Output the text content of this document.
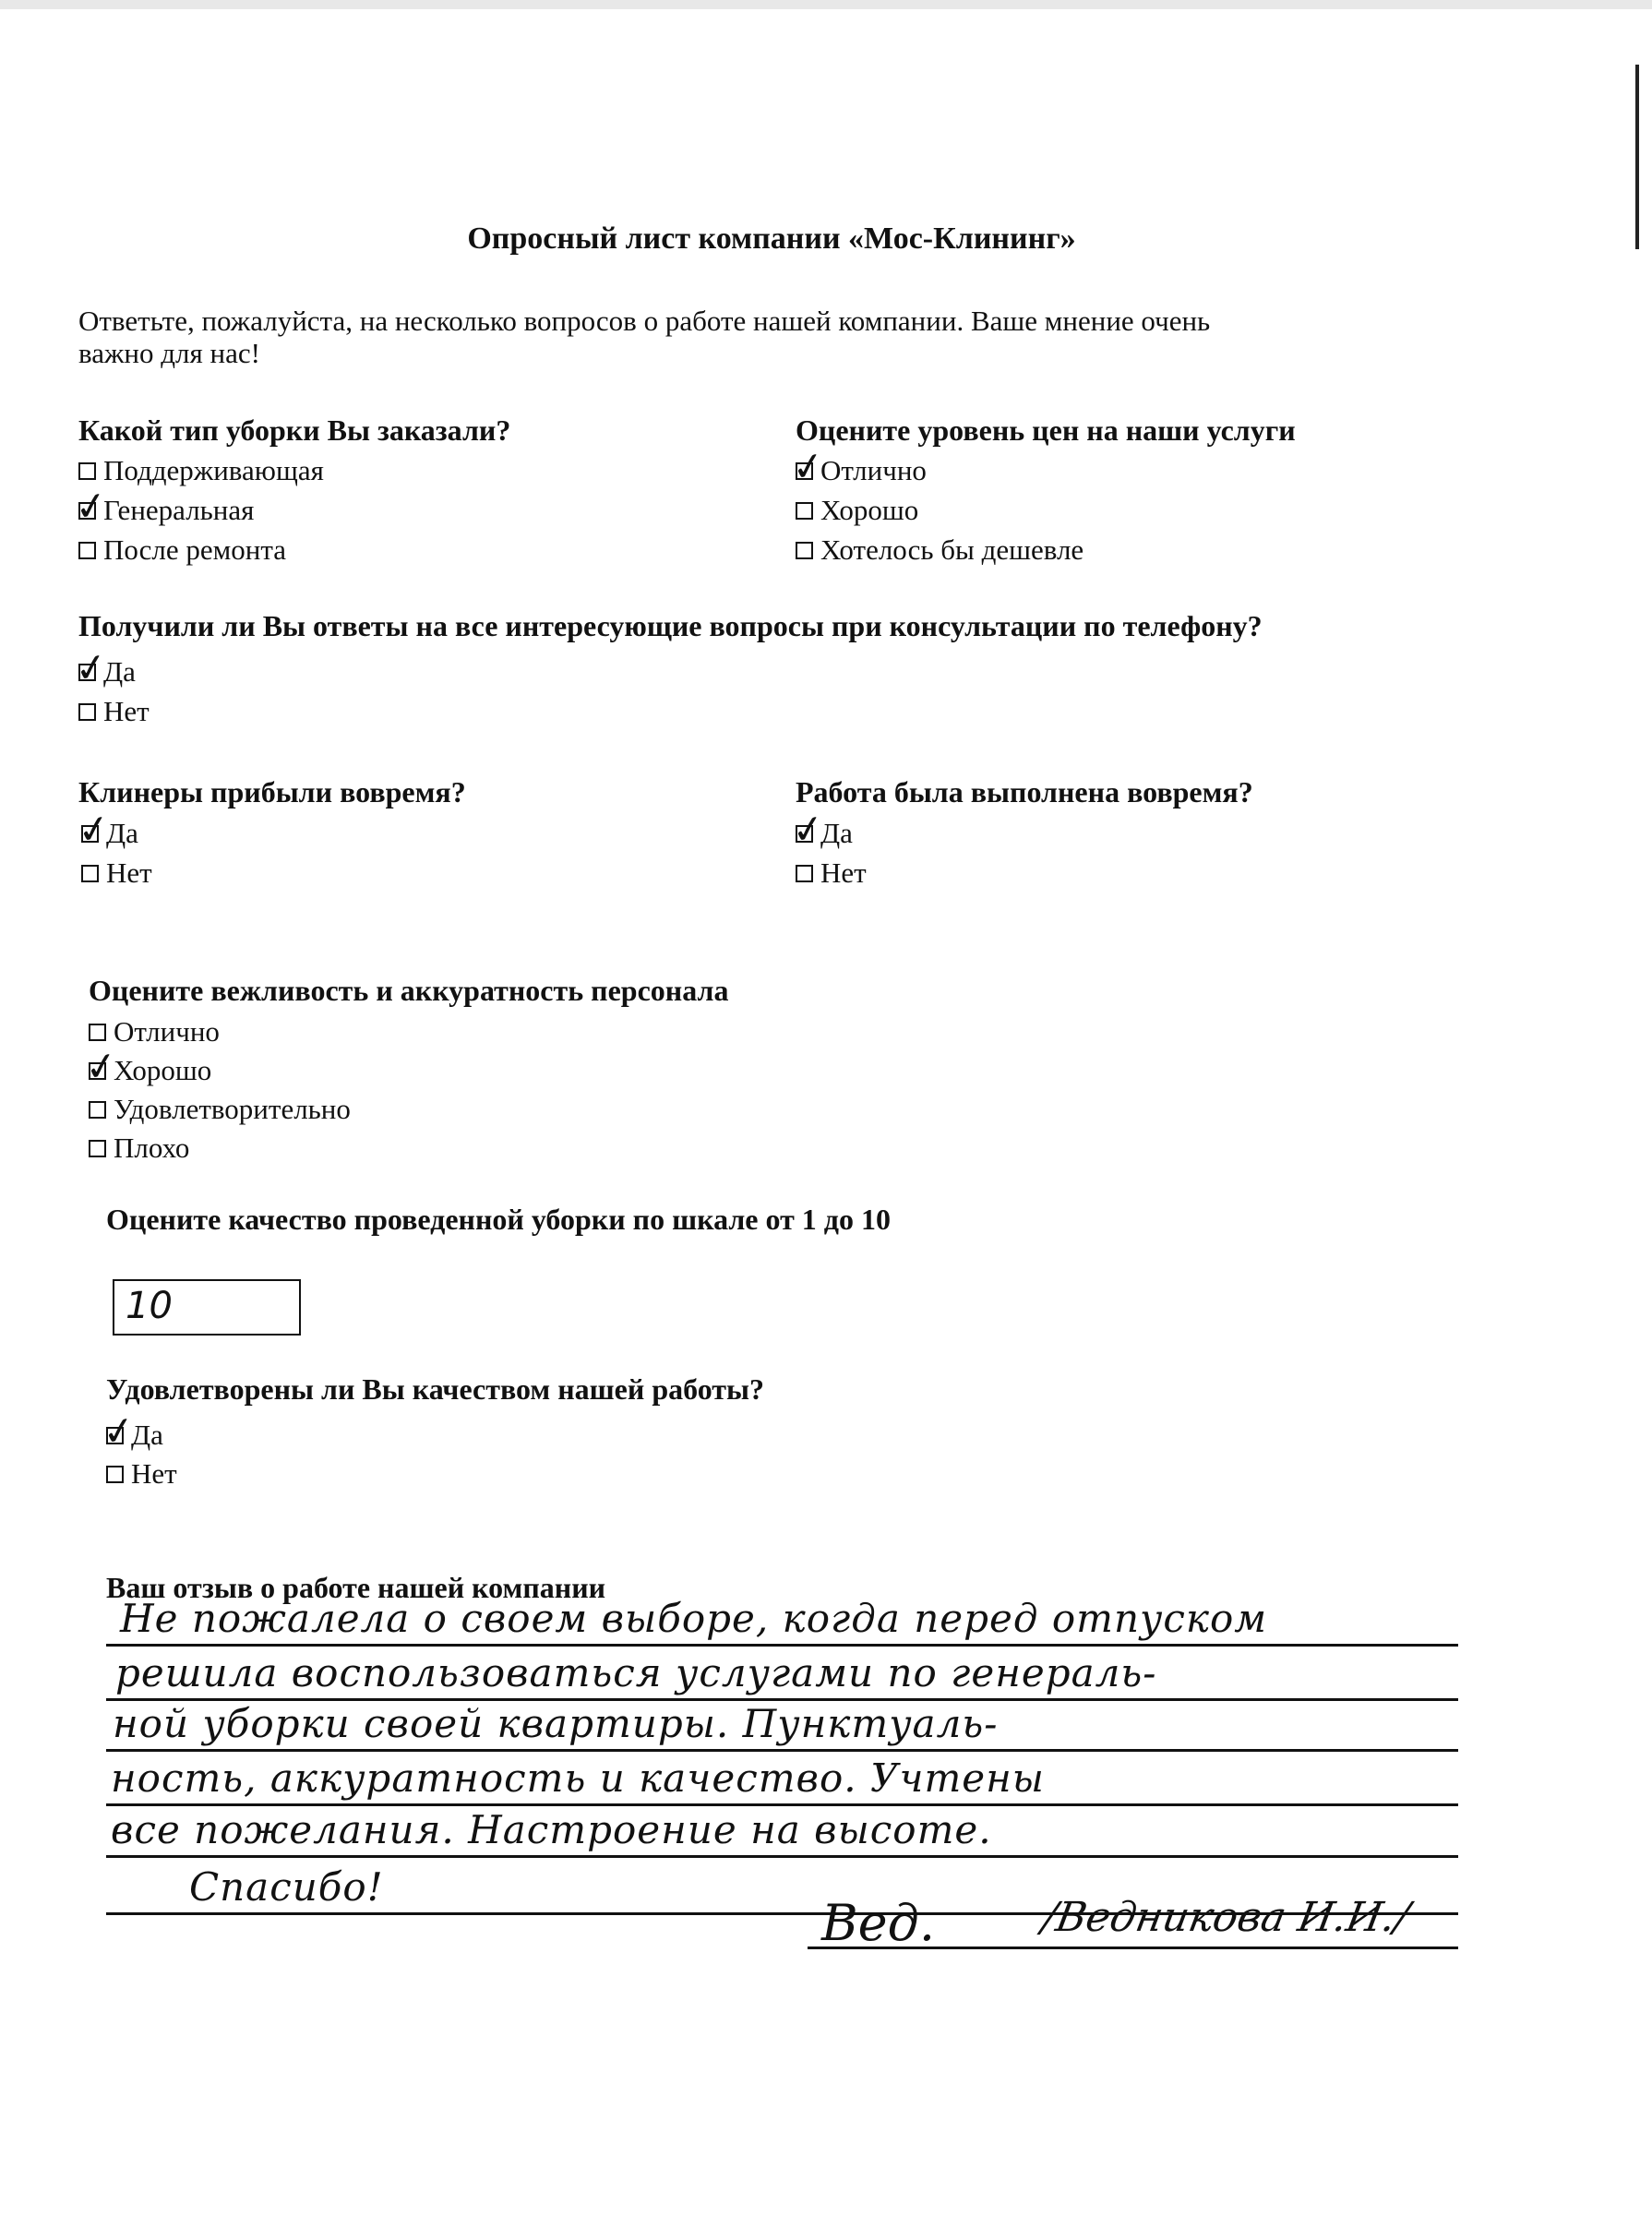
Опросный лист компании «Мос-Клининг»
Ответьте, пожалуйста, на несколько вопросов о работе нашей компании. Ваше мнение очень
важно для нас!
Какой тип уборки Вы заказали?
Поддерживающая
✓
Генеральная
После ремонта
Оцените уровень цен на наши услуги
✓
Отлично
Хорошо
Хотелось бы дешевле
Получили ли Вы ответы на все интересующие вопросы при консультации по телефону?
✓
Да
Нет
Клинеры прибыли вовремя?
✓
Да
Нет
Работа была выполнена вовремя?
✓
Да
Нет
Оцените вежливость и аккуратность персонала
Отлично
✓
Хорошо
Удовлетворительно
Плохо
Оцените качество проведенной уборки по шкале от 1 до 10
Удовлетворены ли Вы качеством нашей работы?
✓
Да
Нет
10
Ваш отзыв о работе нашей компании
Не пожалела о своем выборе, когда перед отпуском
решила воспользоваться услугами по генераль-
ной уборки своей квартиры. Пунктуаль-
ность, аккуратность и качество. Учтены
все пожелания. Настроение на высоте.
Спасибо!
Вед.	/Ведникова И.И./
